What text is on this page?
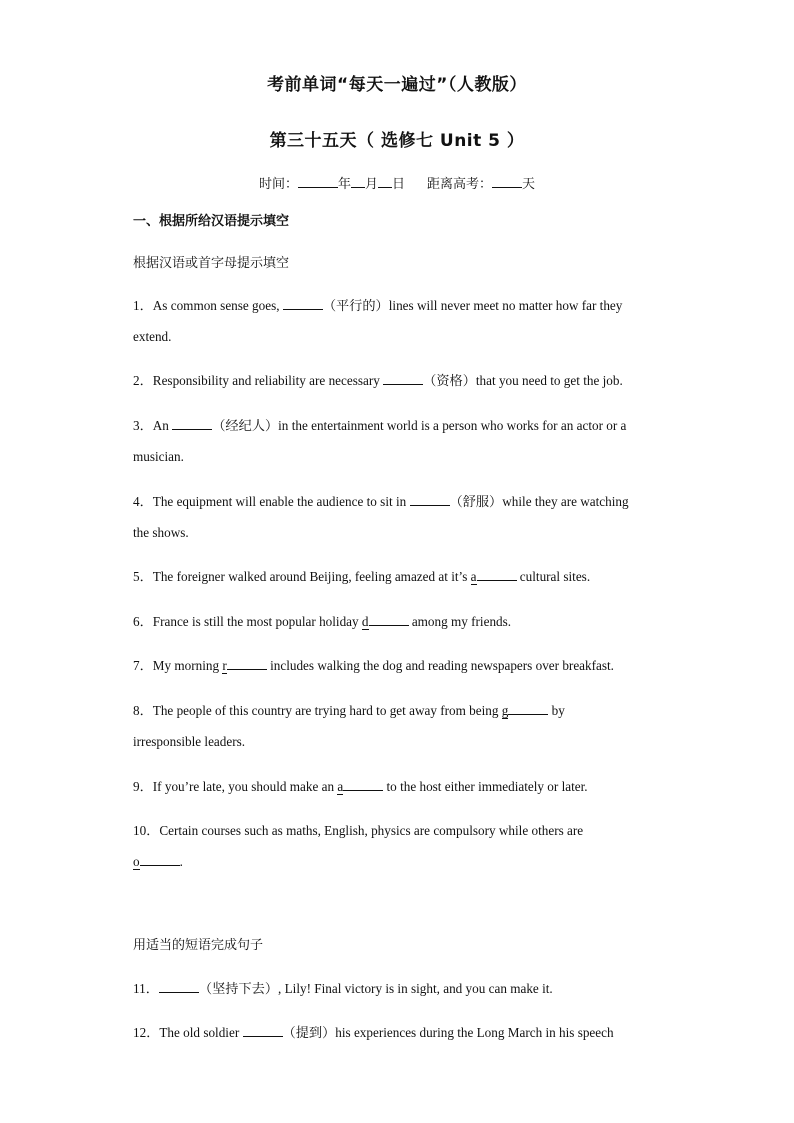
考前单词“每天一遍过”（人教版）
第三十五天（ 选修七 Unit 5 ）
时间：	年 月 日 距离高考： 天
一、根据所给汉语提示填空
根据汉语或首字母提示填空
1．As common sense goes,	（平行的）lines will never meet no matter how far they
extend.
2．Responsibility and reliability are necessary	（资格）that you need to get the job.
3．An	（经纪人）in the entertainment world is a person who works for an actor or a
musician.
4．The equipment will enable the audience to sit in	（舒服）while they are watching
the shows.
5．The foreigner walked around Beijing, feeling amazed at it’s a	cultural sites.
6．France is still the most popular holiday d	among my friends.
7．My morning r	includes walking the dog and reading newspapers over breakfast.
8．The people of this country are trying hard to get away from being g	by
irresponsible leaders.
9．If you’re late, you should make an a	to the host either immediately or later.
10．Certain courses such as maths, English, physics are compulsory while others are
o	.
用适当的短语完成句子
11．	（坚持下去）, Lily! Final victory is in sight, and you can make it.
12．The old soldier	（提到）his experiences during the Long March in his speech
